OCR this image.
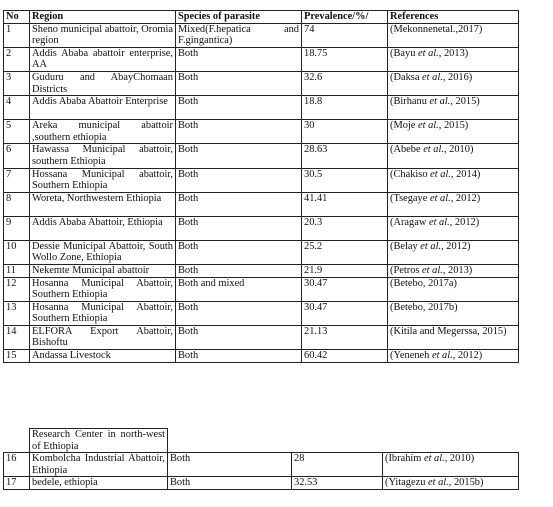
No	Region	Species of parasite	Prevalence/%/	References
1	Sheno municipal abattoir, Oromia region	Mixed(F.hepatica and F.gingantica)	74	(Mekonnenetal.,2017)
2	Addis Ababa abattoir enterprise, AA	Both	18.75	(Bayu et al., 2013)
3	Guduru and AbayChomaan Districts	Both	32.6	(Daksa et al., 2016)
4	Addis Ababa Abattoir Enterprise	Both	18.8	(Birhanu et al., 2015)
5	Areka municipal abattoir ,southern ethiopia	Both	30	(Moje et al., 2015)
6	Hawassa Municipal abattoir, southern Ethiopia	Both	28.63	(Abebe et al., 2010)
7	Hossana Municipal abattoir, Southern Ethiopia	Both	30.5	(Chakiso et al., 2014)
8	Woreta, Northwestern Ethiopia	Both	41.41	(Tsegaye et al., 2012)
9	Addis Ababa Abattoir, Ethiopia	Both	20.3	(Aragaw et al., 2012)
10	Dessie Municipal Abattoir, South Wollo Zone, Ethiopia	Both	25.2	(Belay et al., 2012)
11	Nekemte Municipal abattoir	Both	21.9	(Petros et al., 2013)
12	Hosanna Municipal Abattoir, Southern Ethiopia	Both and mixed	30.47	(Betebo, 2017a)
13	Hosanna Municipal Abattoir, Southern Ethiopia	Both	30.47	(Betebo, 2017b)
14	ELFORA Export Abattoir, Bishoftu	Both	21.13	(Kitila and Megerssa, 2015)
15	Andassa Livestock	Both	60.42	(Yeneneh et al., 2012)
	Research Center in north-west of Ethiopia			
16	Kombolcha Industrial Abattoir, Ethiopia	Both	28	(Ibrahim et al., 2010)
17	bedele, ethiopia	Both	32.53	(Yitagezu et al., 2015b)
